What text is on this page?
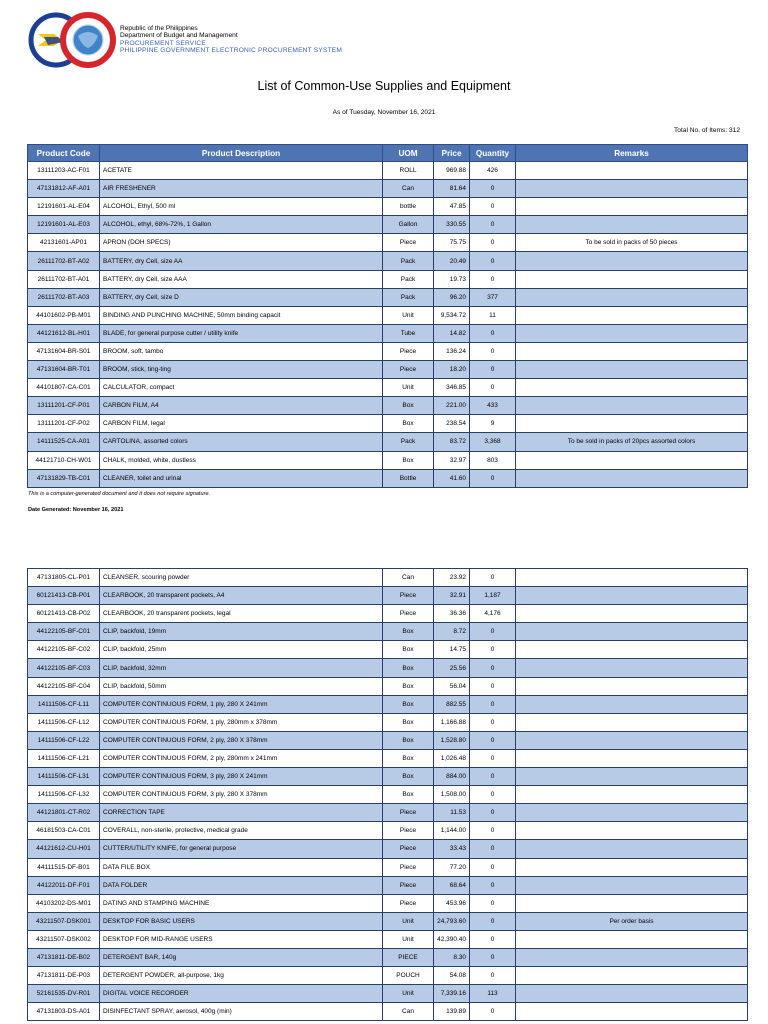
Republic of the Philippines
Department of Budget and Management
PROCUREMENT SERVICE
PHILIPPINE GOVERNMENT ELECTRONIC PROCUREMENT SYSTEM
List of Common-Use Supplies and Equipment
As of Tuesday, November 16, 2021
Total No. of Items: 312
Product Code	Product Description	UOM	Price	Quantity	Remarks
13111203-AC-F01	ACETATE	ROLL	969.88	426	
47131812-AF-A01	AIR FRESHENER	Can	81.64	0	
12191601-AL-E04	ALCOHOL, Ethyl, 500 ml	bottle	47.85	0	
12191601-AL-E03	ALCOHOL, ethyl, 68%-72%, 1 Gallon	Gallon	330.55	0	
42131601-AP01	APRON (DOH SPECS)	Piece	75.75	0	To be sold in packs of 50 pieces
26111702-BT-A02	BATTERY, dry Cell, size AA	Pack	20.49	0	
26111702-BT-A01	BATTERY, dry Cell, size AAA	Pack	19.73	0	
26111702-BT-A03	BATTERY, dry Cell, size D	Pack	96.20	377	
44101602-PB-M01	BINDING AND PUNCHING MACHINE, 50mm binding capacit	Unit	9,534.72	11	
44121612-BL-H01	BLADE, for general purpose cutter / utility knife	Tube	14.82	0	
47131604-BR-S01	BROOM, soft, tambo	Piece	136.24	0	
47131604-BR-T01	BROOM, stick, ting-ting	Piece	18.20	0	
44101807-CA-C01	CALCULATOR, compact	Unit	346.85	0	
13111201-CF-P01	CARBON FILM, A4	Box	221.00	433	
13111201-CF-P02	CARBON FILM, legal	Box	238.54	9	
14111525-CA-A01	CARTOLINA, assorted colors	Pack	83.72	3,368	To be sold in packs of 20pcs assorted colors
44121710-CH-W01	CHALK, molded, white, dustless	Box	32.97	803	
47131829-TB-C01	CLEANER, toilet and urinal	Bottle	41.60	0	
This is a computer-generated document and it does not require signature.
Date Generated: November 16, 2021
47131805-CL-P01	CLEANSER, scouring powder	Can	23.92	0	
60121413-CB-P01	CLEARBOOK, 20 transparent pockets, A4	Piece	32.91	1,187	
60121413-CB-P02	CLEARBOOK, 20 transparent pockets, legal	Piece	36.36	4,176	
44122105-BF-C01	CLIP, backfold, 19mm	Box	8.72	0	
44122105-BF-C02	CLIP, backfold, 25mm	Box	14.75	0	
44122105-BF-C03	CLIP, backfold, 32mm	Box	25.56	0	
44122105-BF-C04	CLIP, backfold, 50mm	Box	56.04	0	
14111506-CF-L11	COMPUTER CONTINUOUS FORM, 1 ply, 280 X 241mm	Box	882.55	0	
14111506-CF-L12	COMPUTER CONTINUOUS FORM, 1 ply, 280mm x 378mm	Box	1,166.88	0	
14111506-CF-L22	COMPUTER CONTINUOUS FORM, 2 ply, 280 X 378mm	Box	1,528.80	0	
14111506-CF-L21	COMPUTER CONTINUOUS FORM, 2 ply, 280mm x 241mm	Box	1,026.48	0	
14111506-CF-L31	COMPUTER CONTINUOUS FORM, 3 ply, 280 X 241mm	Box	884.00	0	
14111506-CF-L32	COMPUTER CONTINUOUS FORM, 3 ply, 280 X 378mm	Box	1,508.00	0	
44121801-CT-R02	CORRECTION TAPE	Piece	11.53	0	
46181503-CA-C01	COVERALL, non-sterile, protective, medical grade	Piece	1,144.00	0	
44121612-CU-H01	CUTTER/UTILITY KNIFE, for general purpose	Piece	33.43	0	
44111515-DF-B01	DATA FILE BOX	Piece	77.20	0	
44122011-DF-F01	DATA FOLDER	Piece	68.64	0	
44103202-DS-M01	DATING AND STAMPING MACHINE	Piece	453.96	0	
43211507-DSK001	DESKTOP FOR BASIC USERS	Unit	24,793.60	0	Per order basis
43211507-DSK002	DESKTOP FOR MID-RANGE USERS	Unit	42,390.40	0	
47131811-DE-B02	DETERGENT BAR, 140g	PIECE	8.30	0	
47131811-DE-P03	DETERGENT POWDER, all-purpose, 1kg	POUCH	54.08	0	
52161535-DV-R01	DIGITAL VOICE RECORDER	Unit	7,339.16	113	
47131803-DS-A01	DISINFECTANT SPRAY, aerosol, 400g (min)	Can	139.89	0	
